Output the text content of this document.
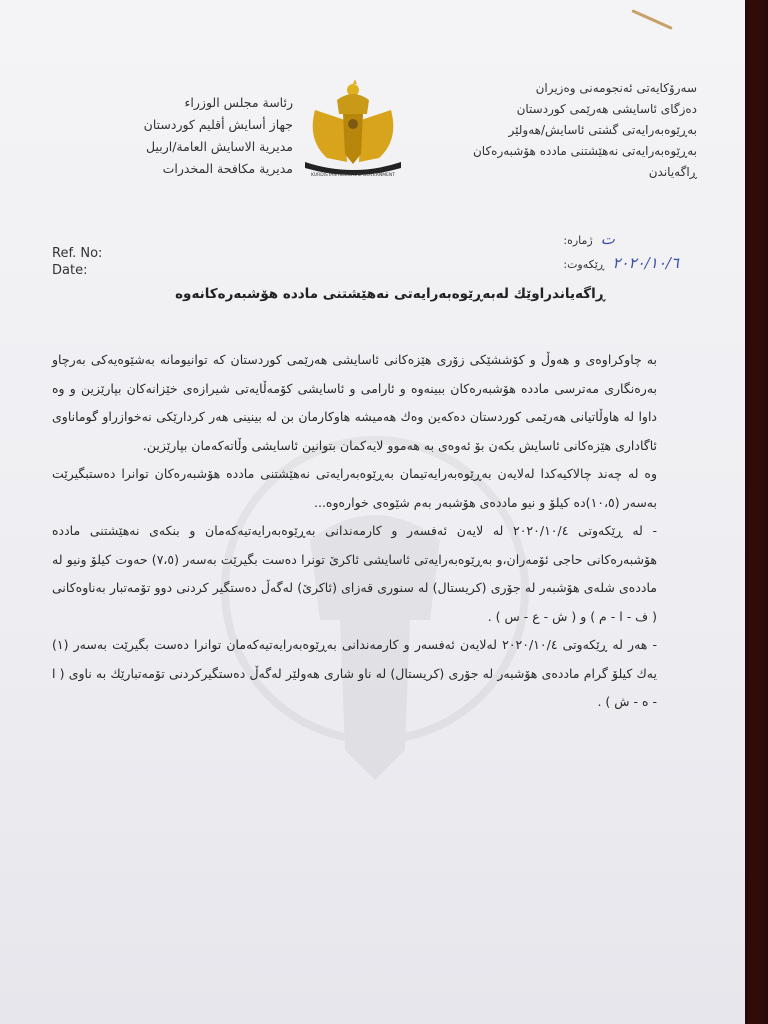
سەرۆکایەتی ئەنجومەنی وەزیران
دەزگای ئاسایشی هەرێمی کوردستان
بەڕێوەبەرایەتی گشتی ئاسایش/هەولێر
بەڕێوەبەرایەتی نەهێشتنی مادده هۆشبەرەکان
ڕاگەیاندن
KURDISTAN REGIONAL GOVERNMENT
رئاسة مجلس الوزراء
جهاز أسايش أقليم كوردستان
مديرية الاسايش العامة/اربيل
مديرية مكافحة المخدرات
Ref. No:
Date:
ژمارە: ت
ڕێکەوت: ٢٠٢٠/١٠/٦
ڕاگەیاندراوێك لەبەڕێوەبەرایەتی نەهێشتنی مادده هۆشبەرەکانەوە

بە چاوکراوەی و هەوڵ و کۆششێکی زۆری هێزەکانی ئاسایشی هەرێمی کوردستان کە توانیومانە بەشێوەیەکی بەرچاو بەرەنگاری مەترسی مادده هۆشبەرەکان ببینەوە و ئارامی و ئاسایشی کۆمەڵایەتی شیرازەی خێزانەکان بپارێزین و وە داوا لە هاوڵاتیانی هەرێمی کوردستان دەکەین وەك هەمیشە هاوکارمان بن لە بینینی هەر کردارێکی نەخوازراو گوماناوی ئاگاداری هێزەکانی ئاسایش بکەن بۆ ئەوەی بە هەموو لایەکمان بتوانین ئاسایشی وڵاتەکەمان بپارێزین.

وە لە چەند چالاکیەکدا لەلایەن بەڕێوەبەرایەتیمان بەڕێوەبەرایەتی نەهێشتنی مادده هۆشبەرەکان توانرا دەستبگیرێت بەسەر (١٠،٥)دە کیلۆ و نیو ماددەی هۆشبەر بەم شێوەی خوارەوە...

- لە ڕێکەوتی ٢٠٢٠/١٠/٤ لە لایەن ئەفسەر و کارمەندانی بەڕێوەبەرایەتیەکەمان و بنکەی نەهێشتنی مادده هۆشبەرەکانی حاجی ئۆمەران،و بەڕێوەبەرایەتی ئاسایشی ئاکرێ تونرا دەست بگیرێت بەسەر (٧،٥) حەوت کیلۆ ونیو لە ماددەی شلەی هۆشبەر لە جۆری (کریستال) لە سنوری قەزای (ئاکرێ) لەگەڵ دەستگیر کردنی دوو تۆمەتبار بەناوەکانی ( ف - ا - م ) و ( ش - ع - س ) .

- هەر لە ڕێکەوتی ٢٠٢٠/١٠/٤ لەلایەن ئەفسەر و کارمەندانی بەڕێوەبەرایەتیەکەمان توانرا دەست بگیرێت بەسەر (١) یەك کیلۆ گرام ماددەی هۆشبەر لە جۆری (کریستال) لە ناو شاری هەولێر لەگەڵ دەستگیرکردنی تۆمەتبارێك بە ناوی ( ا - ه - ش ) .
